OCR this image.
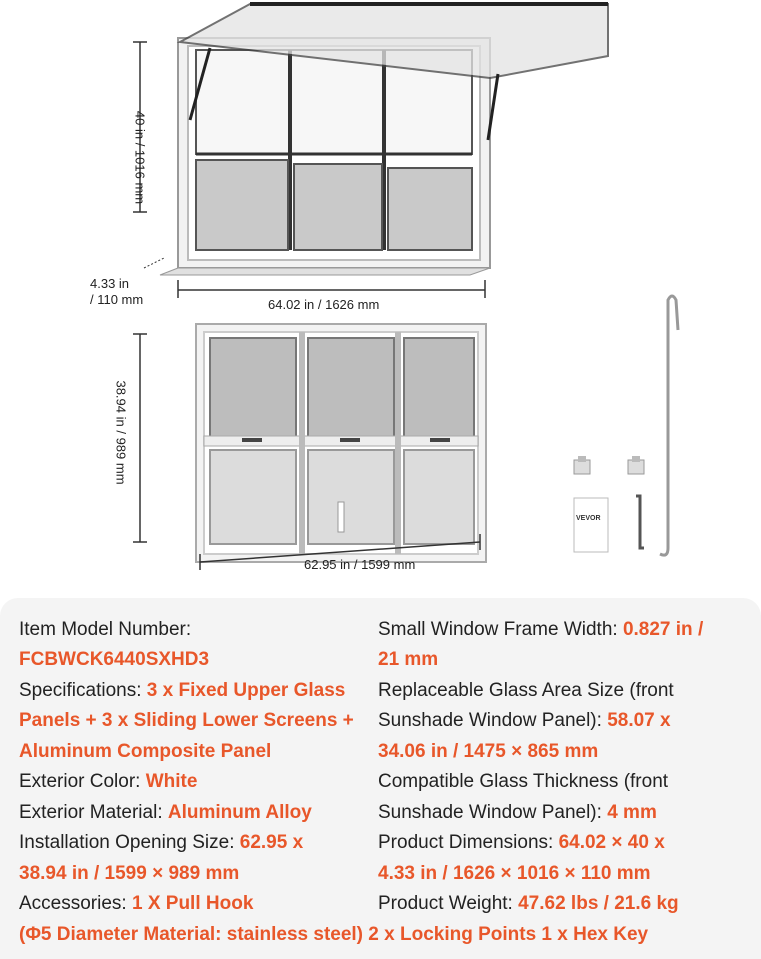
40 in / 1016 mm
4.33 in
/ 110 mm	64.02 in / 1626 mm
38.94 in / 989 mm
62.95 in / 1599 mm
VEVOR
Item Model Number:
FCBWCK6440SXHD3
Specifications: 3 x Fixed Upper Glass
Panels + 3 x Sliding Lower Screens +
Aluminum Composite Panel
Exterior Color: White
Exterior Material: Aluminum Alloy
Installation Opening Size: 62.95 x
38.94 in / 1599 × 989 mm
Accessories: 1 X Pull Hook
(Φ5 Diameter Material: stainless steel) 2 x Locking Points 1 x Hex Key
Small Window Frame Width: 0.827 in /
21 mm
Replaceable Glass Area Size (front
Sunshade Window Panel): 58.07 x
34.06 in / 1475 × 865 mm
Compatible Glass Thickness (front
Sunshade Window Panel): 4 mm
Product Dimensions: 64.02 × 40 x
4.33 in / 1626 × 1016 × 110 mm
Product Weight: 47.62 lbs / 21.6 kg
